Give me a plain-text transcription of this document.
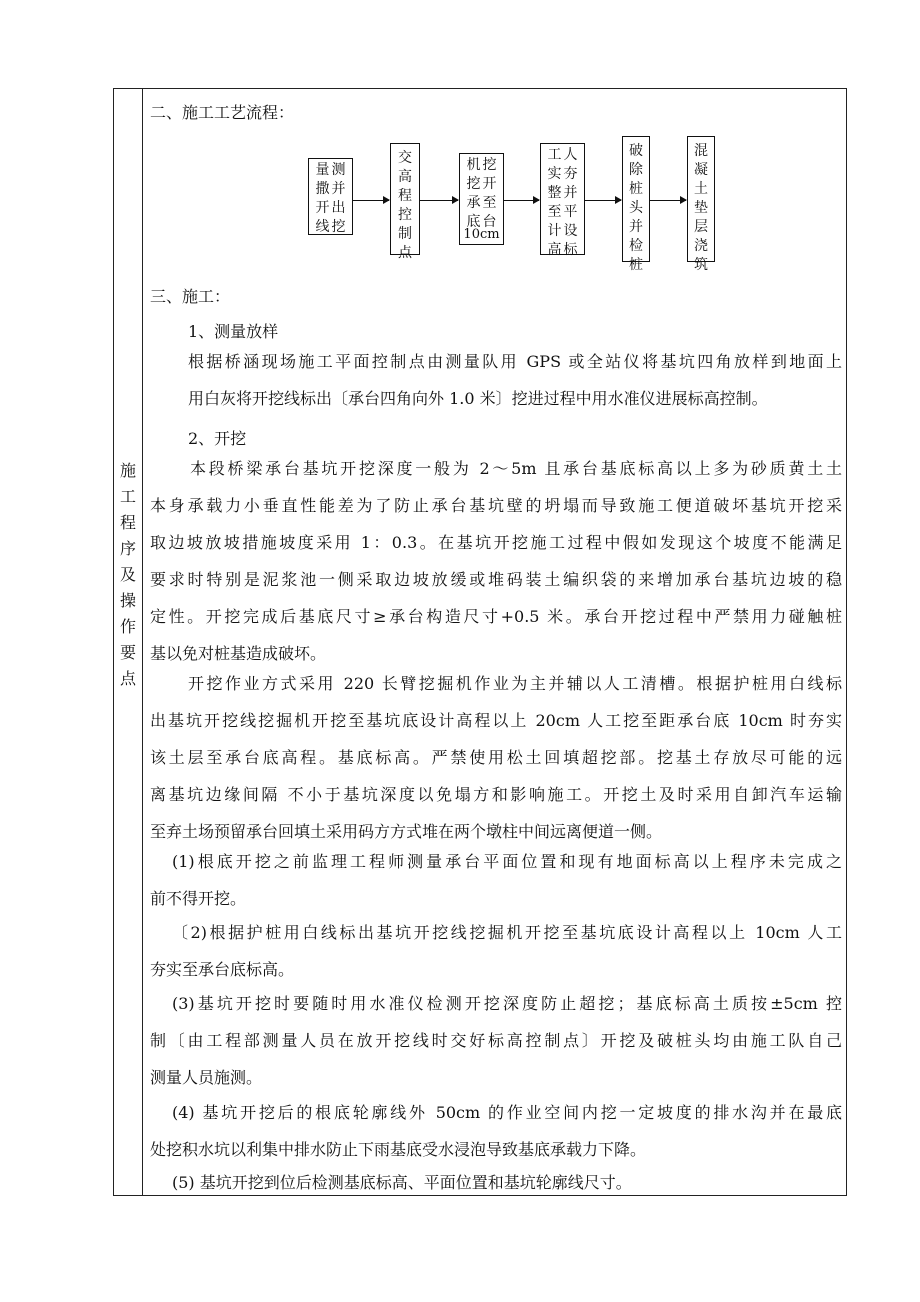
施
工
程
序
及
操
作
要
点
二、施工工艺流程：
测
并
出
挖
量
撒
开
线
交
高
程
控
制
点
挖
开
至
台
机
挖
承
底
10cm
人
夯
并
平
设
标
工
实
整
至
计
高
破
除
桩
头
并
检
桩
混
凝
土
垫
层
浇
筑
三、施工：
1、测量放样
根据桥涵现场施工平面控制点由测量队用 GPS 或全站仪将基坑四角放样到地面上
用白灰将开挖线标出〔承台四角向外 1.0 米〕挖进过程中用水准仪进展标高控制。
2、开挖
本段桥梁承台基坑开挖深度一般为 2～5m 且承台基底标高以上多为砂质黄土土
本身承载力小垂直性能差为了防止承台基坑壁的坍塌而导致施工便道破坏基坑开挖采
取边坡放坡措施坡度采用 1：0.3。在基坑开挖施工过程中假如发现这个坡度不能满足
要求时特别是泥浆池一侧采取边坡放缓或堆码装土编织袋的来增加承台基坑边坡的稳
定性。开挖完成后基底尺寸≥承台构造尺寸+0.5 米。承台开挖过程中严禁用力碰触桩
基以免对桩基造成破坏。
开挖作业方式采用 220 长臂挖掘机作业为主并辅以人工清槽。根据护桩用白线标
出基坑开挖线挖掘机开挖至基坑底设计高程以上 20cm 人工挖至距承台底 10cm 时夯实
该土层至承台底高程。基底标高。严禁使用松土回填超挖部。挖基土存放尽可能的远
离基坑边缘间隔 不小于基坑深度以免塌方和影响施工。开挖土及时采用自卸汽车运输
至弃土场预留承台回填土采用码方方式堆在两个墩柱中间远离便道一侧。
(1)根底开挖之前监理工程师测量承台平面位置和现有地面标高以上程序未完成之
前不得开挖。
〔2)根据护桩用白线标出基坑开挖线挖掘机开挖至基坑底设计高程以上 10cm 人工
夯实至承台底标高。
(3)基坑开挖时要随时用水准仪检测开挖深度防止超挖；基底标高土质按±5cm 控
制〔由工程部测量人员在放开挖线时交好标高控制点〕开挖及破桩头均由施工队自己
测量人员施测。
(4) 基坑开挖后的根底轮廓线外 50cm 的作业空间内挖一定坡度的排水沟并在最底
处挖积水坑以利集中排水防止下雨基底受水浸泡导致基底承载力下降。
(5) 基坑开挖到位后检测基底标高、平面位置和基坑轮廓线尺寸。
